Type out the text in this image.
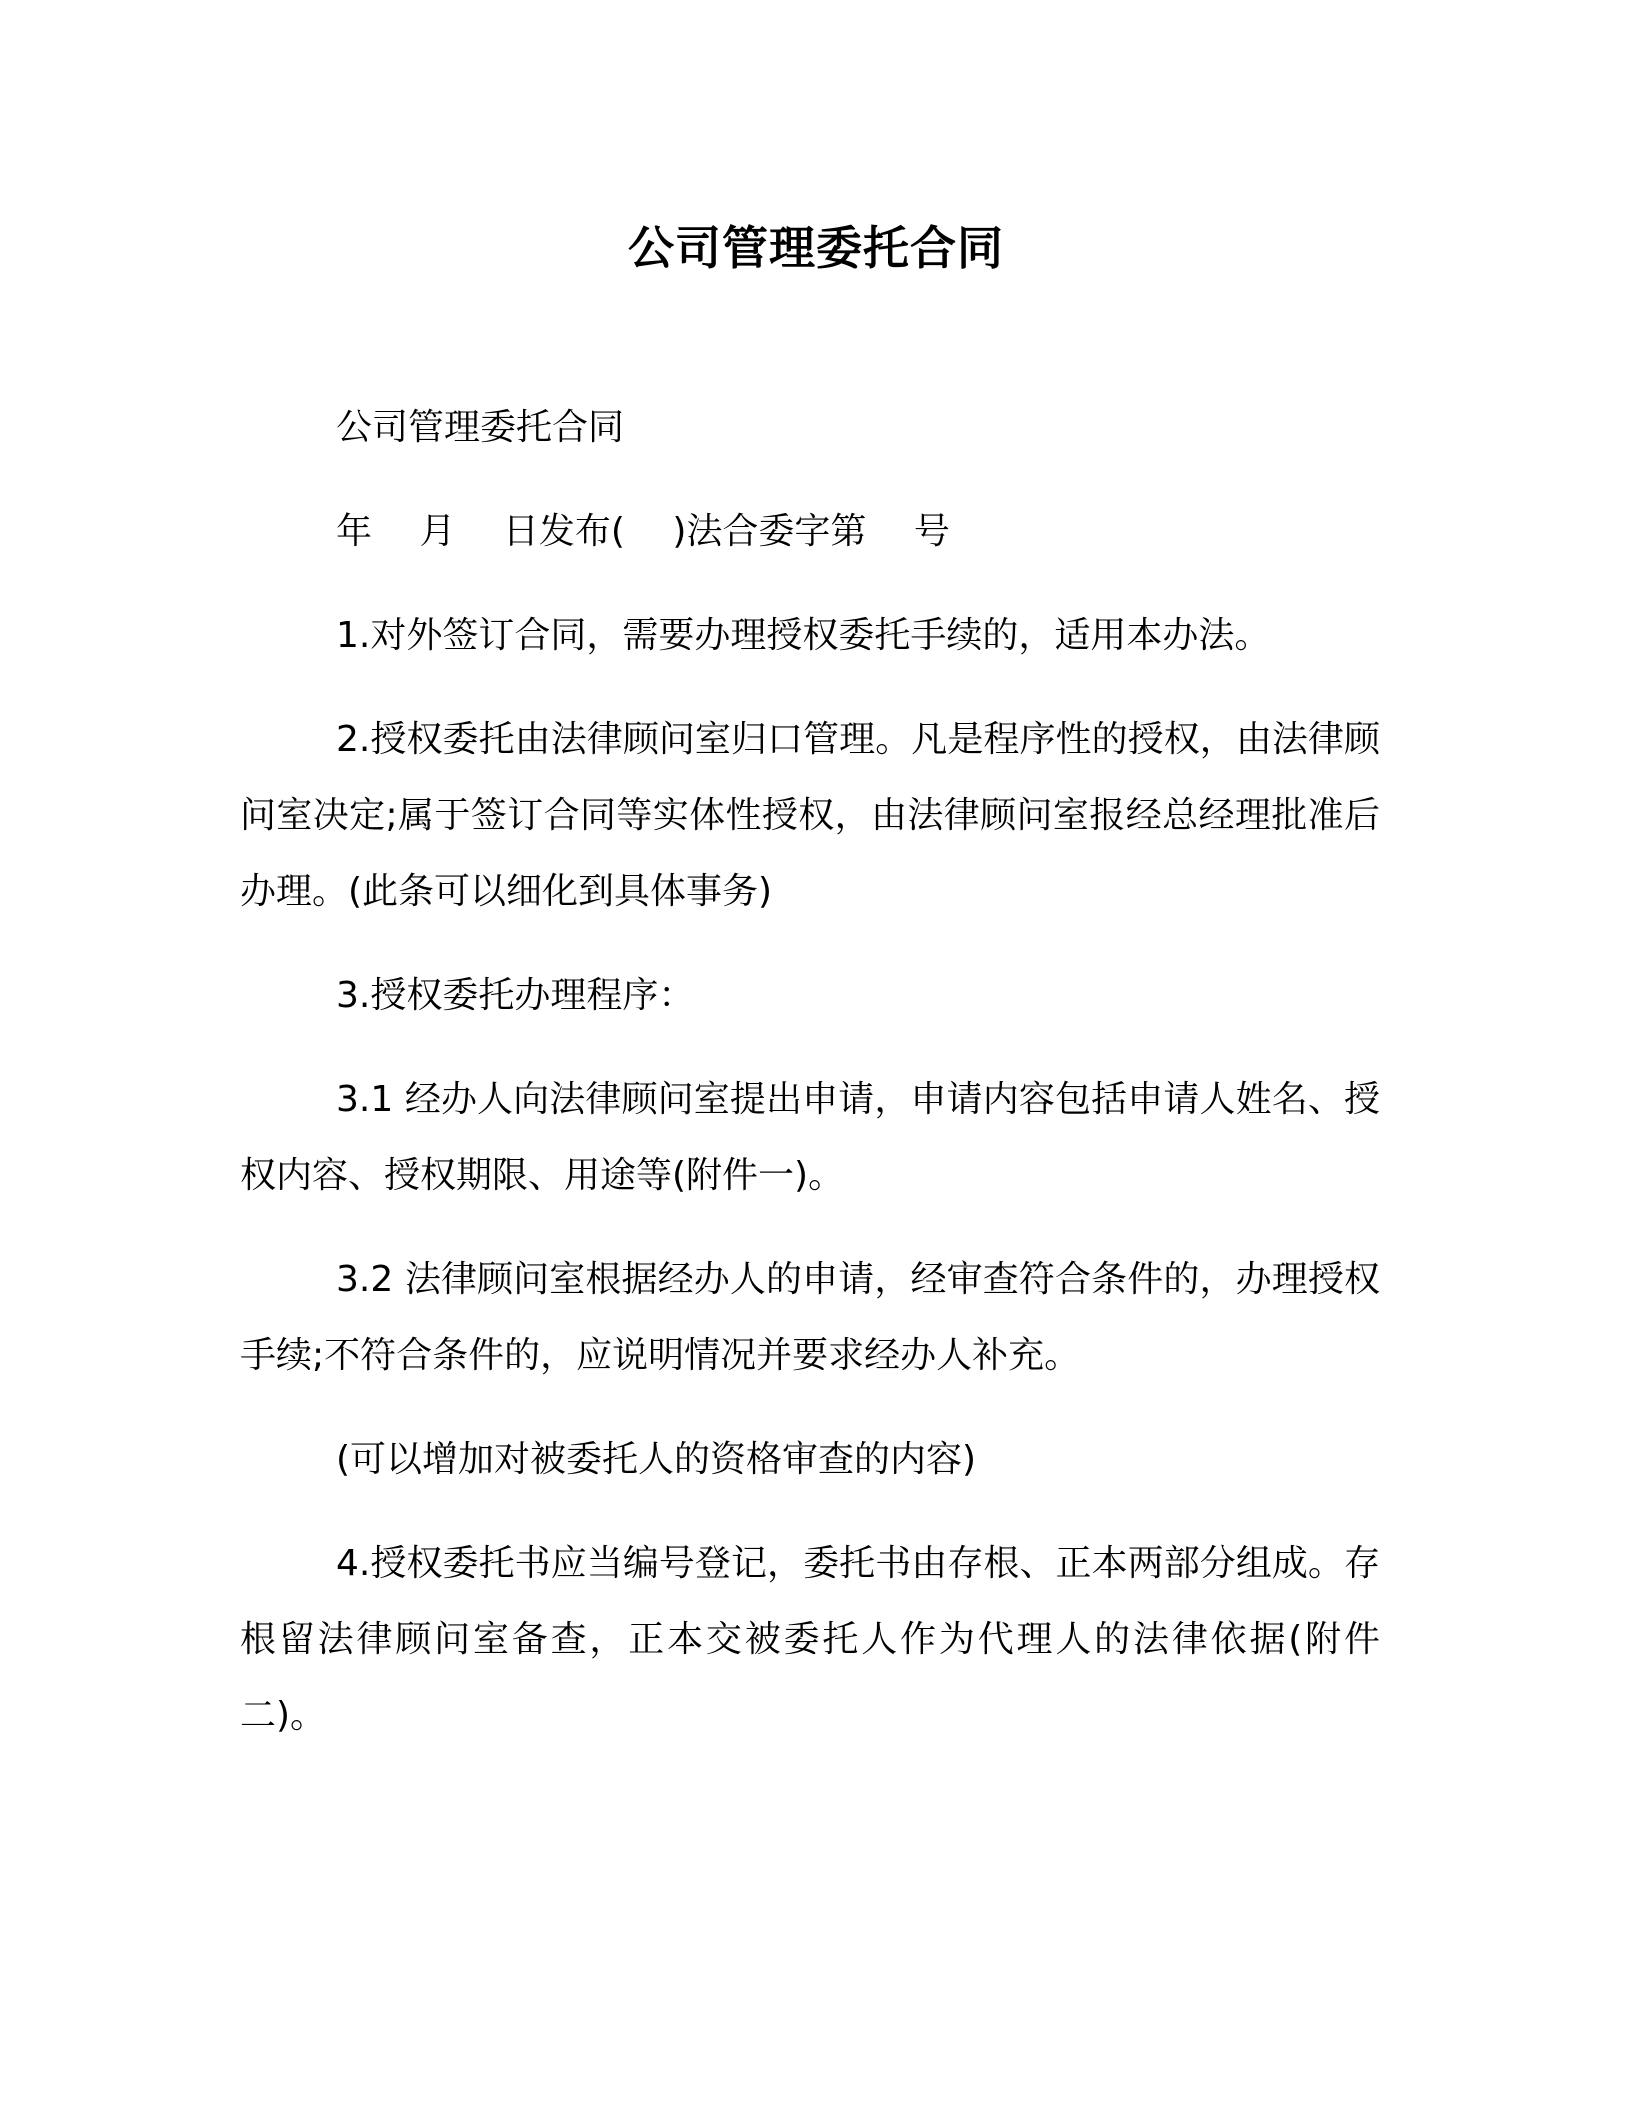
公司管理委托合同

公司管理委托合同

年　 月　 日发布(　 )法合委字第　 号

1.对外签订合同，需要办理授权委托手续的，适用本办法。

2.授权委托由法律顾问室归口管理。凡是程序性的授权，由法律顾问室决定;属于签订合同等实体性授权，由法律顾问室报经总经理批准后办理。(此条可以细化到具体事务)

3.授权委托办理程序：

3.1 经办人向法律顾问室提出申请，申请内容包括申请人姓名、授权内容、授权期限、用途等(附件一)。

3.2 法律顾问室根据经办人的申请，经审查符合条件的，办理授权手续;不符合条件的，应说明情况并要求经办人补充。

(可以增加对被委托人的资格审查的内容)

4.授权委托书应当编号登记，委托书由存根、正本两部分组成。存根留法律顾问室备查，正本交被委托人作为代理人的法律依据(附件二)。
